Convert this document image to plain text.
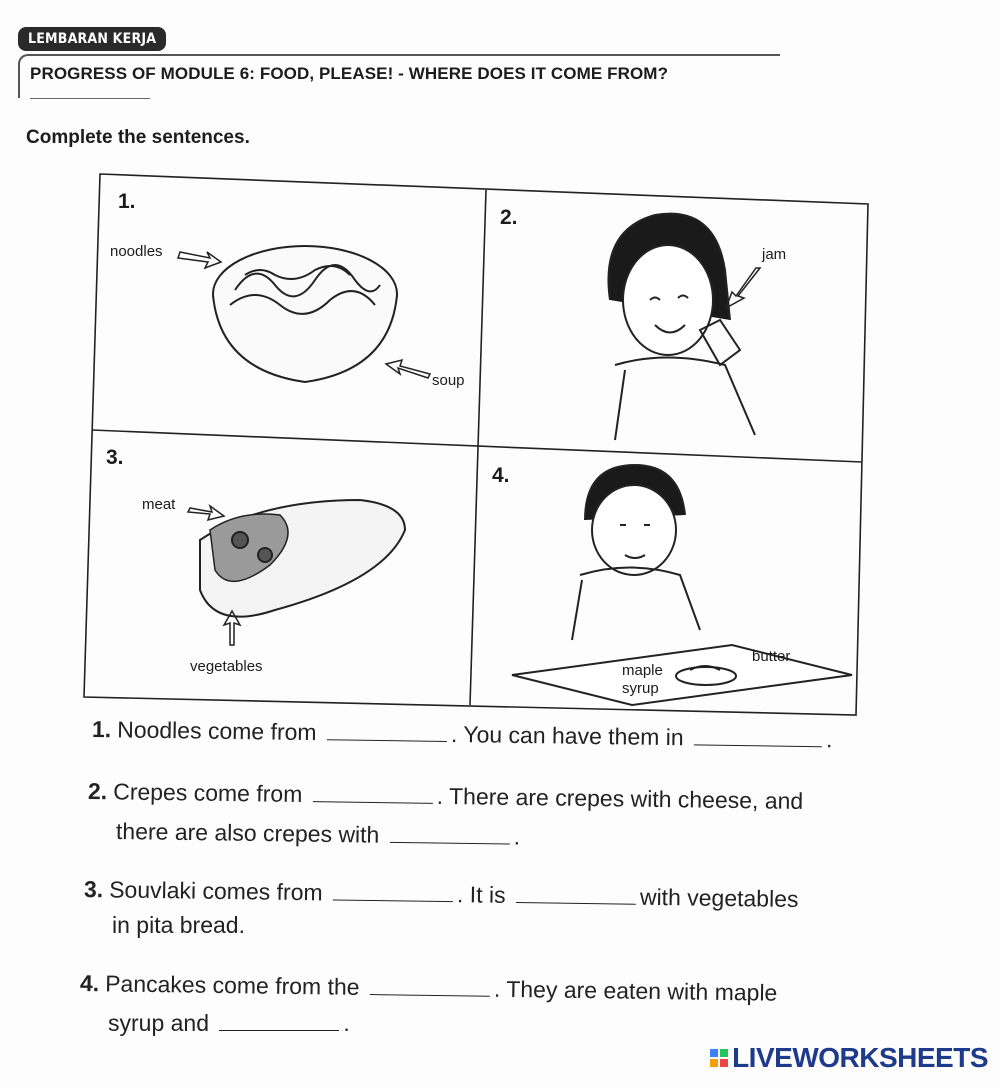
LEMBARAN KERJA
PROGRESS OF MODULE 6: FOOD, PLEASE! - WHERE DOES IT COME FROM?
Complete the sentences.
1.
2.
3.
4.
noodles
soup
jam
meat
vegetables
butter
maple
syrup
1. Noodles come from	. You can have them in	.
2. Crepes come from	. There are crepes with cheese, and
there are also crepes with	.
3. Souvlaki comes from	. It is	with vegetables
in pita bread.
4. Pancakes come from the	. They are eaten with maple
syrup and	.
LIVEWORKSHEETS
